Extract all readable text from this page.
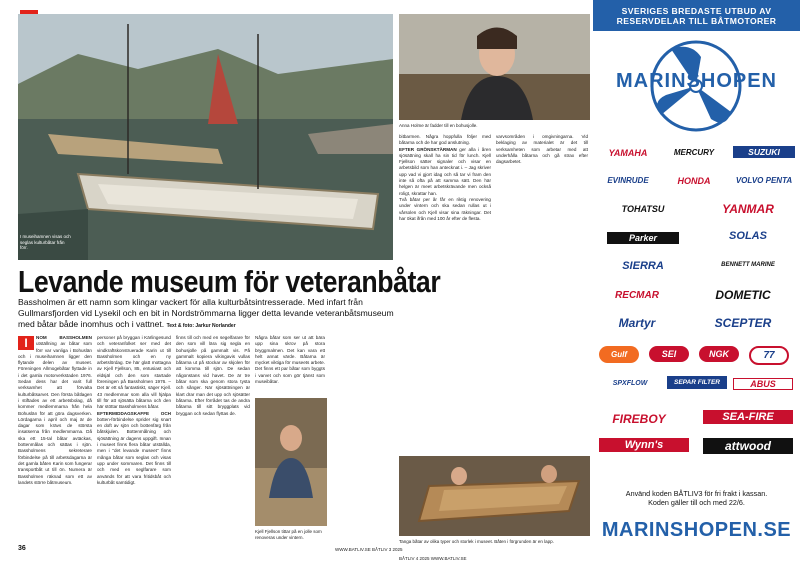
I museihamnen visas och seglas kulturbåtar från förr.
Anna Holme är fadder till en bohusjolle.
Levande museum för veteranbåtar
Bassholmen är ett namn som klingar vackert för alla kulturbåtsintresserade. Med infart från Gullmarsfjorden vid Lysekil och en bit in Nordströmmarna ligger detta levande veteranbåtsmuseum med båtar både inomhus och i vattnet. Text & foto: Jarkur Norlander
I	NOM BASSHOLMEN utställning av båtar som förr var vanliga i Bohuslän och i museihamnen ligger den flytande delen av museet. Föreningen Allmogebåtar flyttade in i det gamla motorverkstaden 1976. Sedan dess har det varit full verksamhet att förvalta kulturbåtsarvet. Den första båtlagen i stiftades av ett arbetsbolag, då kommer medlemmarna från hela Bohuslän för att göra dagsverken. Lördagarna i april och maj är de dagar som krävs de största insatserna från medlemmarna. Då ska ett 15-tal båtar avtäckas, bottenmålas och sättas i sjön. Bassholmens sekreterare förbindelse på till arbetsdagarna är det gamla båten Karin som fungerar transportbåt ut till ön. Numera är Bassholmen räknad som ett av landets större båtmuseum.
personer på bryggan i Kärlingesund och veteranfolket ser med det vindkraftskonstruerade Karin ut till Bassholmen och en ny arbetslördag. De här glatt mottagna av Kjell Fjellson, 85, entusiast och eldsjäl och den som startade föreningen på Bassholmen 1976. – Det är ett så fantastiskt, säger Kjell. 43 medlemmar som alla vill hjälpa till för att sjösätta båtarna och den här stöttar Bassholmens båtar.
EFTERMIDDAGSKAFFE OCH botten-förbindelse sprider sig snart en doft av sjön och bottenfärg från båtskjulen. Bottenmålning och sjösättning är dagens uppgift. Innan i museet finns flera båtar utställda, men i "det levande museet" finns många båtar som seglas och visas upp under sommaren. Det finns till och med en seglfarare som används för att vara fritidsbåt och kulturbåt samtidigt.
finns till och med en segelfarare för den som vill lära sig segla en bohusjolle på gammalt vis. På gammalt kopiera vikingavis vullas båtarna ut på stockar av skjolen för att komma till sjön. De sedan någonstans vid havet. De är tre båtar som ska genom stora tysta och sånger. När sjösättningen är klart drar man det upp och sjösätter båtarna. Efter förrådet tas de andra båtarna till sitt bryggplats vid bryggan och sedan flyttas de.
Några båtar som ser ut att bära upp sina skrov på stora bryggmalmen. Det kan vara ett helt annat värde. Båtarna är mycket viktiga för museets arbete. Det finns ett par båtar som byggts i varvet och som gör tjänst som museibåtar.
Kjell Fjellson tittar på en jolle som renoveras under vintern.
bitbarmen. Några hoppfulla följer med båtarna och de har god anslutning.
EFTER GRÖNSKTÄRMAN ger alla i åren sjösättning skall ha sin tid för lunch. Kjell Fjellson sätter signaler och visar en arbetsbild som han antecknat i. – Jag skriver upp vad vi gjort idag och så tar vi fram den inte så ofta på att samma sätt. Den här helgen är meet arbetskrävande men också roligt, skrattar han.
Två båtar per år får en riktig renovering under vintern och ska sedan rullas ut i vårsolen och Kjell visar sina räkningar. Det har ökat ifrån med 100 år efter de flesta.
varvsområden i omgivningarna. Vid beklaging av materialet är det till verksamheten som arbetar med att underhålla båtarna och gå strax efter dagsarbetet.
Tanga båtar av olika typer och storlek i museet. Båten i förgrunden är en lapp.
36	WWW.BATLIV.SE BÅTLIV 3 2025
BÅTLIV 4 2025 WWW.BATLIV.SE
SVERIGES BREDASTE UTBUD AV RESERVDELAR TILL BÅTMOTORER
MARINSHOPEN
YAMAHA	MERCURY	SUZUKI
EVINRUDE	HONDA	VOLVO PENTA
TOHATSU	YANMAR
Parker	SOLAS
SIERRA	BENNETT MARINE
RECMAR	DOMETIC
Martyr	SCEPTER
Gulf	SEI	NGK	77
SPXFLOW	SEPAR FILTER	ABUS
FIREBOY	SEA-FIRE
Wynn's	attwood
Använd koden BÅTLIV3 för fri frakt i kassan.
Koden gäller till och med 22/6.
MARINSHOPEN.SE
